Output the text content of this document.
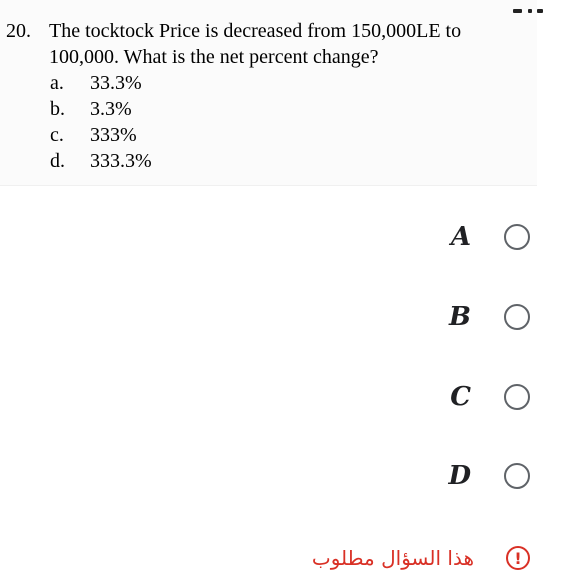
20. The tocktock Price is decreased from 150,000LE to 100,000. What is the net percent change?
a.	33.3%
b.	3.3%
c.	333%
d.	333.3%
A
B
C
D
هذا السؤال مطلوب	!
